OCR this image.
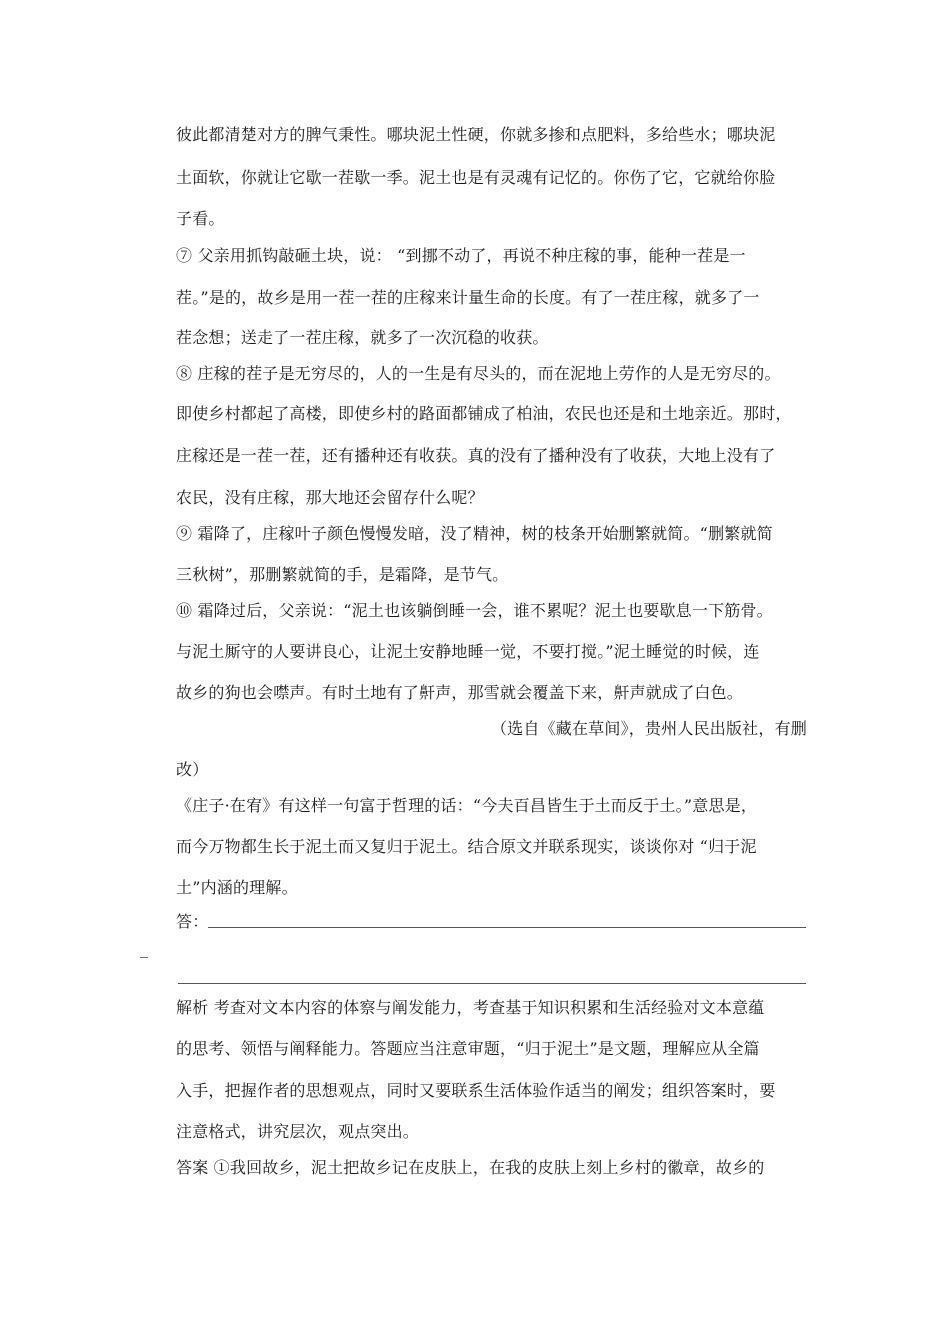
彼此都清楚对方的脾气秉性。哪块泥土性硬，你就多掺和点肥料，多给些水；哪块泥
土面软，你就让它歇一茬歇一季。泥土也是有灵魂有记忆的。你伤了它，它就给你脸
子看。
⑦ 父亲用抓钩敲砸土块，说： “到挪不动了，再说不种庄稼的事，能种一茬是一
茬。”是的，故乡是用一茬一茬的庄稼来计量生命的长度。有了一茬庄稼，就多了一
茬念想；送走了一茬庄稼，就多了一次沉稳的收获。
⑧ 庄稼的茬子是无穷尽的，人的一生是有尽头的，而在泥地上劳作的人是无穷尽的。
即使乡村都起了高楼，即使乡村的路面都铺成了柏油，农民也还是和土地亲近。那时，
庄稼还是一茬一茬，还有播种还有收获。真的没有了播种没有了收获，大地上没有了
农民，没有庄稼，那大地还会留存什么呢？
⑨ 霜降了，庄稼叶子颜色慢慢发暗，没了精神，树的枝条开始删繁就简。“删繁就简
三秋树”，那删繁就简的手，是霜降，是节气。
⑩ 霜降过后，父亲说：“泥土也该躺倒睡一会，谁不累呢？泥土也要歇息一下筋骨。
与泥土厮守的人要讲良心，让泥土安静地睡一觉，不要打搅。”泥土睡觉的时候，连
故乡的狗也会噤声。有时土地有了鼾声，那雪就会覆盖下来，鼾声就成了白色。
（选自《藏在草间》，贵州人民出版社，有删
改）
《庄子·在宥》有这样一句富于哲理的话：“今夫百昌皆生于土而反于土。”意思是，
而今万物都生长于泥土而又复归于泥土。结合原文并联系现实，谈谈你对 “归于泥
土”内涵的理解。
答：
解析 考查对文本内容的体察与阐发能力，考查基于知识积累和生活经验对文本意蕴
的思考、领悟与阐释能力。答题应当注意审题，“归于泥土”是文题，理解应从全篇
入手，把握作者的思想观点，同时又要联系生活体验作适当的阐发；组织答案时，要
注意格式，讲究层次，观点突出。
答案 ①我回故乡，泥土把故乡记在皮肤上，在我的皮肤上刻上乡村的徽章，故乡的
